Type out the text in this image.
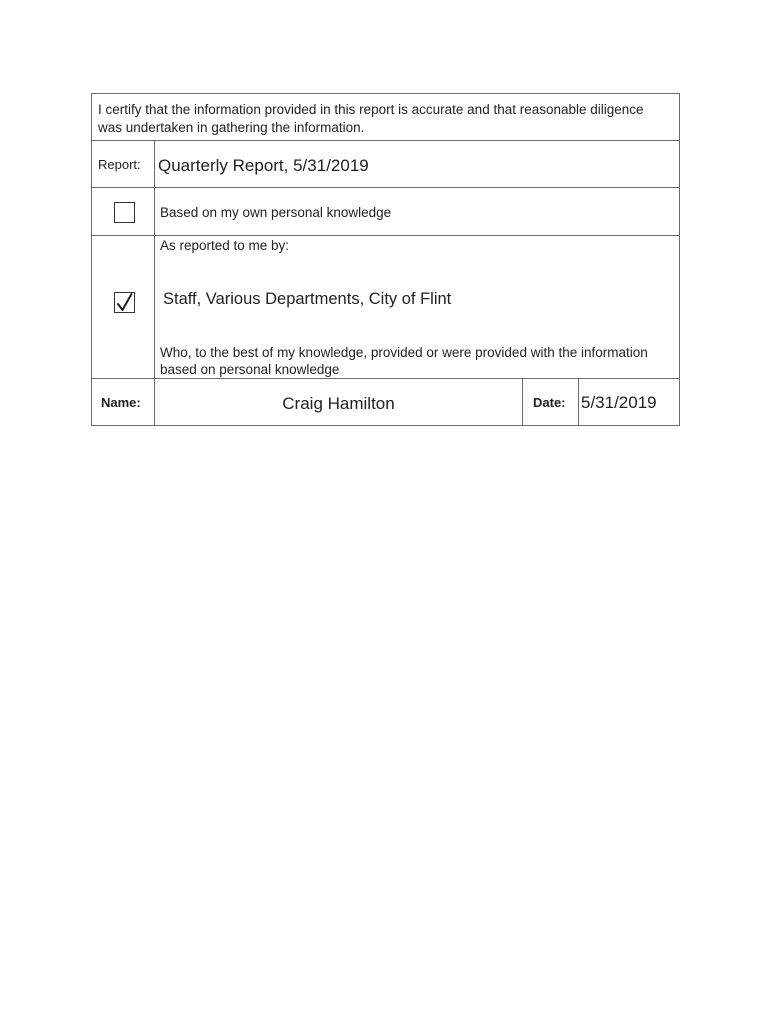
I certify that the information provided in this report is accurate and that reasonable diligence was undertaken in gathering the information.
Report: Quarterly Report, 5/31/2019
Based on my own personal knowledge
As reported to me by:
Staff, Various Departments, City of Flint
Who, to the best of my knowledge, provided or were provided with the information based on personal knowledge
Name:	Craig Hamilton	Date: 5/31/2019
